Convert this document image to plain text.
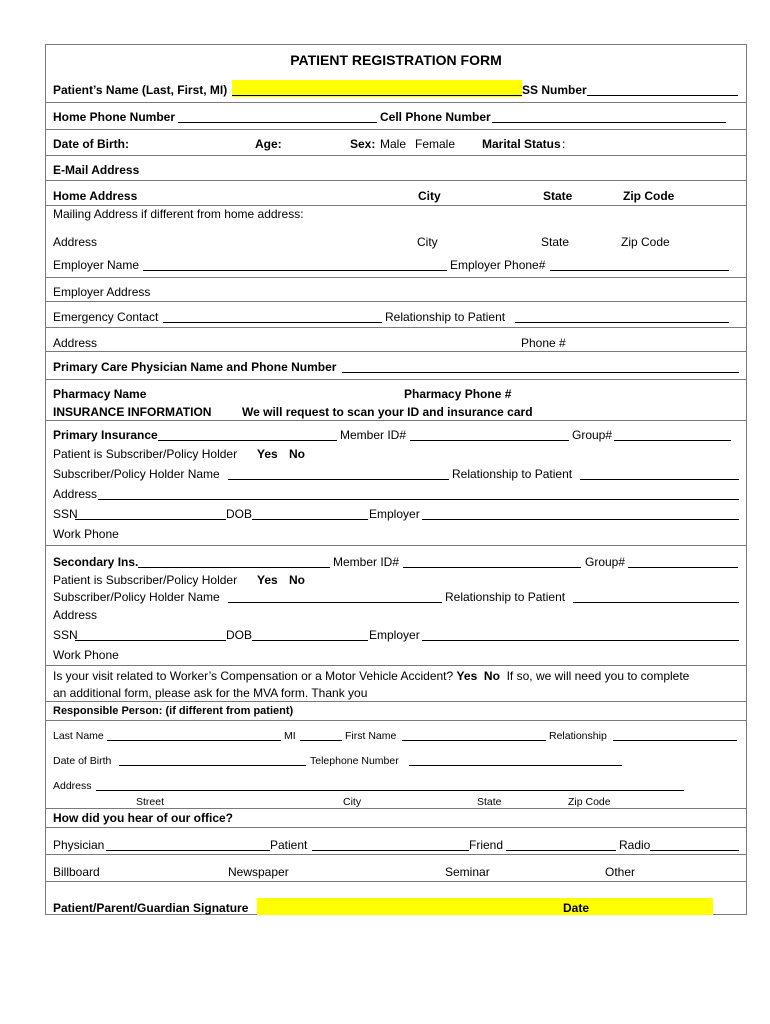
PATIENT REGISTRATION FORM
Patient’s Name (Last, First, MI)	SS Number
Home Phone Number	Cell Phone Number
Date of Birth:	Age:	Sex: Male Female Marital Status :
E-Mail Address
Home Address	City	State	Zip Code
Mailing Address if different from home address:
Address	City	State	Zip Code
Employer Name	Employer Phone#
Employer Address
Emergency Contact	Relationship to Patient
Address	Phone #
Primary Care Physician Name and Phone Number
Pharmacy Name	Pharmacy Phone #
INSURANCE INFORMATION	We will request to scan your ID and insurance card
Primary Insurance	Member ID#	Group#
Patient is Subscriber/Policy Holder Yes No
Subscriber/Policy Holder Name	Relationship to Patient
Address
SSN	DOB	Employer
Work Phone
Secondary Ins.	Member ID#	Group#
Patient is Subscriber/Policy Holder Yes No
Subscriber/Policy Holder Name	Relationship to Patient
Address
SSN	DOB	Employer
Work Phone
Is your visit related to Worker’s Compensation or a Motor Vehicle Accident? Yes No If so, we will need you to complete
an additional form, please ask for the MVA form. Thank you
Responsible Person: (if different from patient)
Last Name	MI	First Name	Relationship
Date of Birth	Telephone Number
Address
Street	City	State	Zip Code
How did you hear of our office?
Physician	Patient	Friend	Radio
Billboard	Newspaper	Seminar	Other
Patient/Parent/Guardian Signature	Date
